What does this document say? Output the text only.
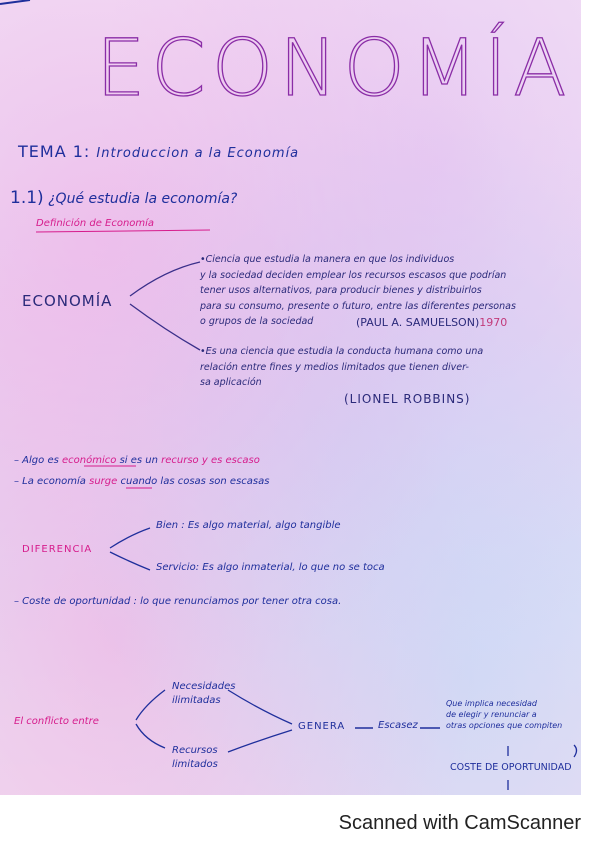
ECONOMÍA
TEMA 1: Introduccion a la Economía
1.1) ¿Qué estudia la economía?
Definición de Economía
ECONOMÍA
•Ciencia que estudia la manera en que los individuos
y la sociedad deciden emplear los recursos escasos que podrían
tener usos alternativos, para producir bienes y distribuirlos
para su consumo, presente o futuro, entre las diferentes personas
o grupos de la sociedad	(PAUL A. SAMUELSON)1970
•Es una ciencia que estudia la conducta humana como una
relación entre fines y medios limitados que tienen diver-
sa aplicación
(LIONEL ROBBINS)
– Algo es económico si es un recurso y es escaso
– La economía surge cuando las cosas son escasas
DIFERENCIA
Bien : Es algo material, algo tangible
Servicio: Es algo inmaterial, lo que no se toca
– Coste de oportunidad : lo que renunciamos por tener otra cosa.
El conflicto entre
Necesidades
ilimitadas
Recursos
limitados
GENERA	Escasez
Que implica necesidad
de elegir y renunciar a
otras opciones que compiten
COSTE DE OPORTUNIDAD
Scanned with CamScanner
